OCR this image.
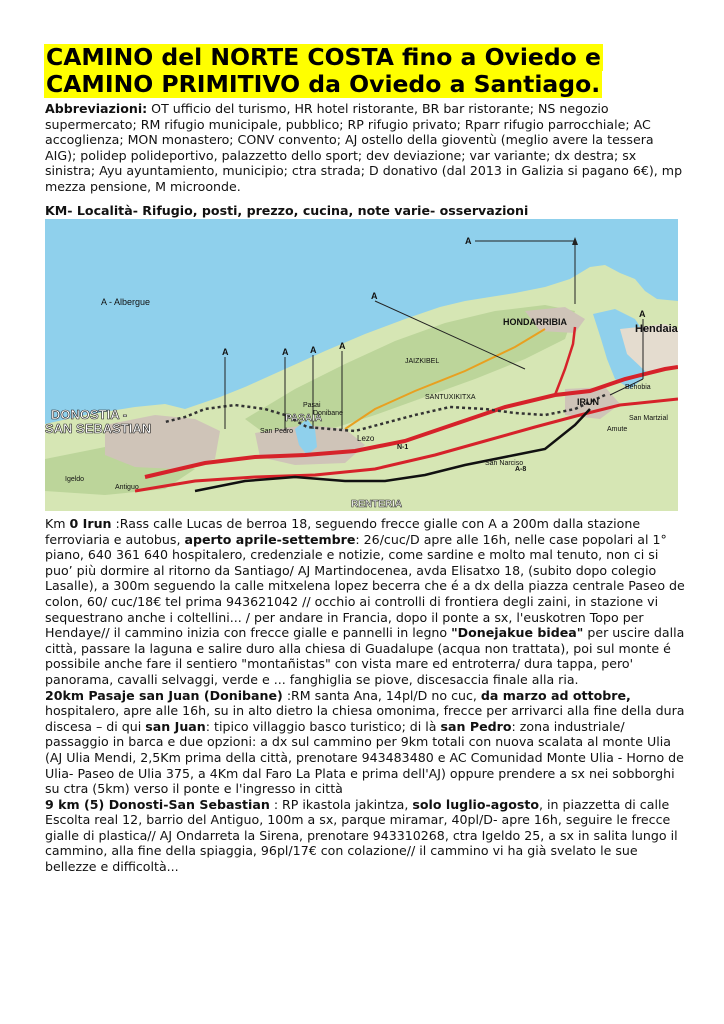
CAMINO del NORTE COSTA fino a Oviedo e
CAMINO PRIMITIVO da Oviedo a Santiago.
Abbreviazioni: OT ufficio del turismo, HR hotel ristorante, BR bar ristorante; NS negozio supermercato; RM rifugio municipale, pubblico; RP rifugio privato; Rparr rifugio parrocchiale; AC accoglienza; MON monastero; CONV convento; AJ ostello della gioventù (meglio avere la tessera AIG); polidep polideportivo, palazzetto dello sport; dev deviazione; var variante; dx destra; sx sinistra; Ayu ayuntamiento, municipio; ctra strada; D donativo (dal 2013 in Galizia si pagano 6€), mp mezza pensione, M microonde.
KM- Località- Rifugio, posti, prezzo, cucina, note varie- osservazioni
A - Albergue
A	A A	A
A
A
A
HONDARRIBIA
Hendaia
IRUN
Behobia
San Martzial
JAIZKIBEL
SANTUXIKITXA
DONOSTIA -
SAN SEBASTIAN
PASAIA
Pasai
Donibane
San Pedro
RENTERIA
Lezo
Igeldo
Antiguo
San Narciso
A-8
N-1
Amute

Km 0 Irun :Rass calle Lucas de berroa 18, seguendo frecce gialle con A a 200m dalla stazione ferroviaria e autobus, aperto aprile-settembre: 26/cuc/D apre alle 16h, nelle case popolari al 1° piano, 640 361 640 hospitalero, credenziale e notizie, come sardine e molto mal tenuto, non ci si puo’ più dormire al ritorno da Santiago/ AJ Martindocenea, avda Elisatxo 18, (subito dopo colegio Lasalle), a 300m seguendo la calle mitxelena lopez becerra che é a dx della piazza centrale Paseo de colon, 60/ cuc/18€ tel prima 943621042 // occhio ai controlli di frontiera degli zaini, in stazione vi sequestrano anche i coltellini... / per andare in Francia, dopo il ponte a sx, l'euskotren Topo per Hendaye// il cammino inizia con frecce gialle e pannelli in legno "Donejakue bidea" per uscire dalla città, passare la laguna e salire duro alla chiesa di Guadalupe (acqua non trattata), poi sul monte é possibile anche fare il sentiero "montañistas" con vista mare ed entroterra/ dura tappa, pero' panorama, cavalli selvaggi, verde e ... fanghiglia se piove, discesaccia finale alla ria.

20km Pasaje san Juan (Donibane) :RM santa Ana, 14pl/D no cuc, da marzo ad ottobre, hospitalero, apre alle 16h, su in alto dietro la chiesa omonima, frecce per arrivarci alla fine della dura discesa – di qui san Juan: tipico villaggio basco turistico; di là san Pedro: zona industriale/ passaggio in barca e due opzioni: a dx sul cammino per 9km totali con nuova scalata al monte Ulia (AJ Ulia Mendi, 2,5Km prima della città, prenotare 943483480 e AC Comunidad Monte Ulia - Horno de Ulia- Paseo de Ulia 375, a 4Km dal Faro La Plata e prima dell'AJ) oppure prendere a sx nei sobborghi su ctra (5km) verso il ponte e l'ingresso in città

9 km (5) Donosti-San Sebastian : RP ikastola jakintza, solo luglio-agosto, in piazzetta di calle Escolta real 12, barrio del Antiguo, 100m a sx, parque miramar, 40pl/D- apre 16h, seguire le frecce gialle di plastica// AJ Ondarreta la Sirena, prenotare 943310268, ctra Igeldo 25, a sx in salita lungo il cammino, alla fine della spiaggia, 96pl/17€ con colazione// il cammino vi ha già svelato le sue bellezze e difficoltà...
